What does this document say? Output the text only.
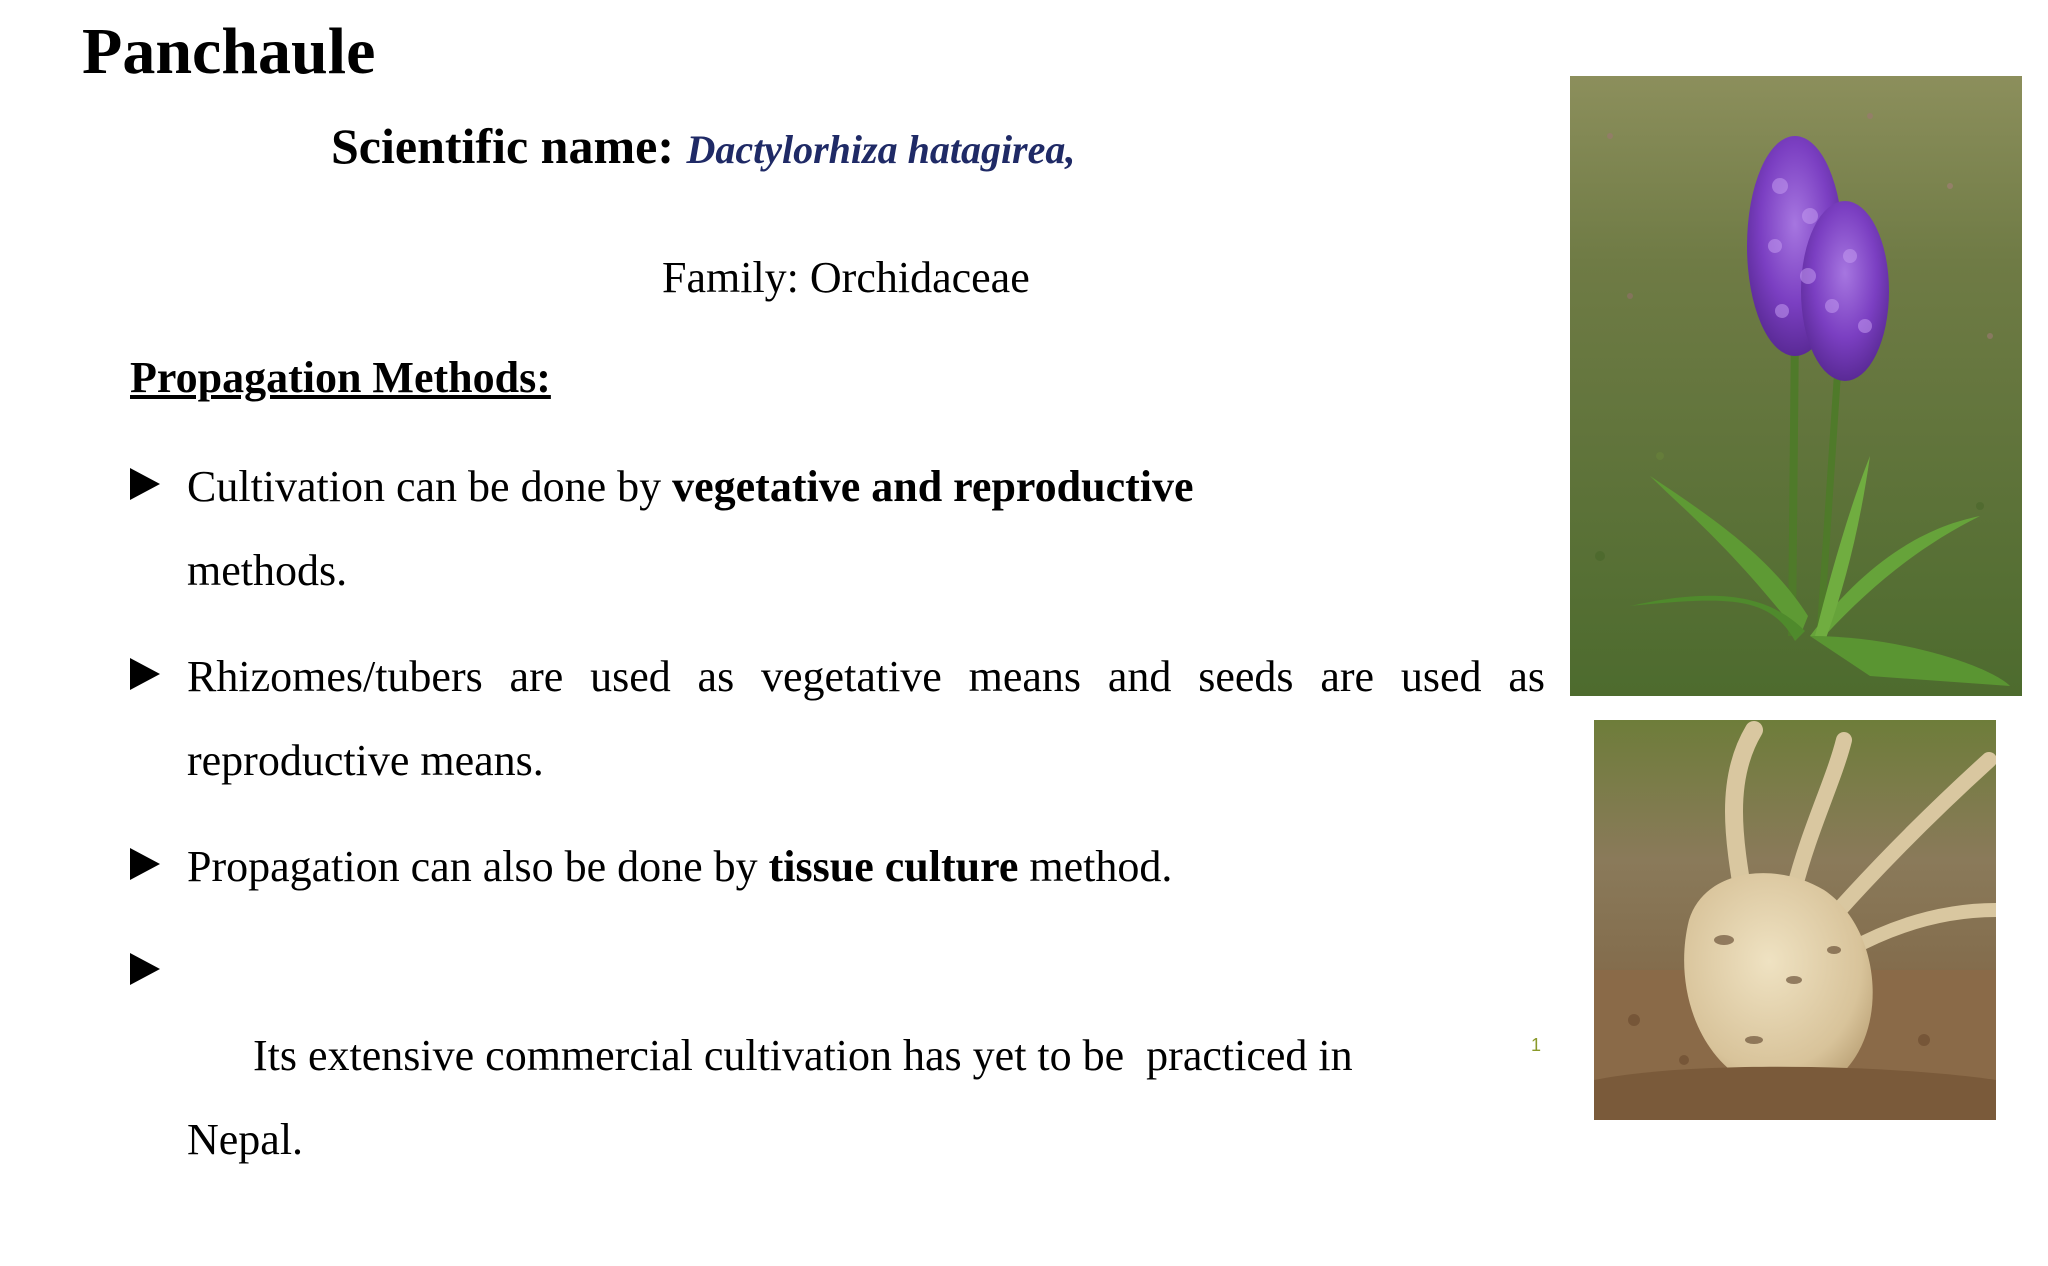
Panchaule
Scientific name: Dactylorhiza hatagirea,
Family: Orchidaceae
Propagation Methods:
Cultivation can be done by vegetative and reproductive
methods.
Rhizomes/tubers are used as vegetative means and seeds are used as
reproductive means.
Propagation can also be done by tissue culture method.

Its extensive commercial cultivation has yet to be  practiced in
Nepal.

1
